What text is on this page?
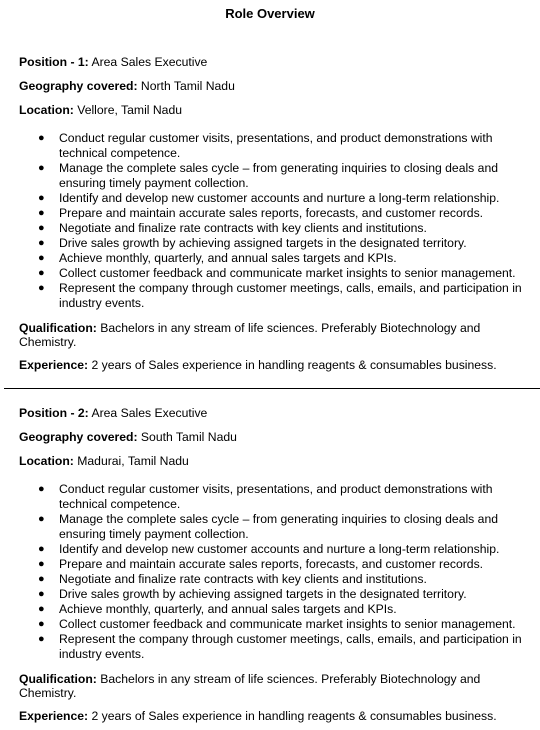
Role Overview
Position - 1: Area Sales Executive
Geography covered: North Tamil Nadu
Location: Vellore, Tamil Nadu
● Conduct regular customer visits, presentations, and product demonstrations with technical competence.
● Manage the complete sales cycle – from generating inquiries to closing deals and ensuring timely payment collection.
● Identify and develop new customer accounts and nurture a long-term relationship.
● Prepare and maintain accurate sales reports, forecasts, and customer records.
● Negotiate and finalize rate contracts with key clients and institutions.
● Drive sales growth by achieving assigned targets in the designated territory.
● Achieve monthly, quarterly, and annual sales targets and KPIs.
● Collect customer feedback and communicate market insights to senior management.
● Represent the company through customer meetings, calls, emails, and participation in industry events.
Qualification: Bachelors in any stream of life sciences. Preferably Biotechnology and Chemistry.
Experience: 2 years of Sales experience in handling reagents & consumables business.
Position - 2: Area Sales Executive
Geography covered: South Tamil Nadu
Location: Madurai, Tamil Nadu
● Conduct regular customer visits, presentations, and product demonstrations with technical competence.
● Manage the complete sales cycle – from generating inquiries to closing deals and ensuring timely payment collection.
● Identify and develop new customer accounts and nurture a long-term relationship.
● Prepare and maintain accurate sales reports, forecasts, and customer records.
● Negotiate and finalize rate contracts with key clients and institutions.
● Drive sales growth by achieving assigned targets in the designated territory.
● Achieve monthly, quarterly, and annual sales targets and KPIs.
● Collect customer feedback and communicate market insights to senior management.
● Represent the company through customer meetings, calls, emails, and participation in industry events.
Qualification: Bachelors in any stream of life sciences. Preferably Biotechnology and Chemistry.
Experience: 2 years of Sales experience in handling reagents & consumables business.
